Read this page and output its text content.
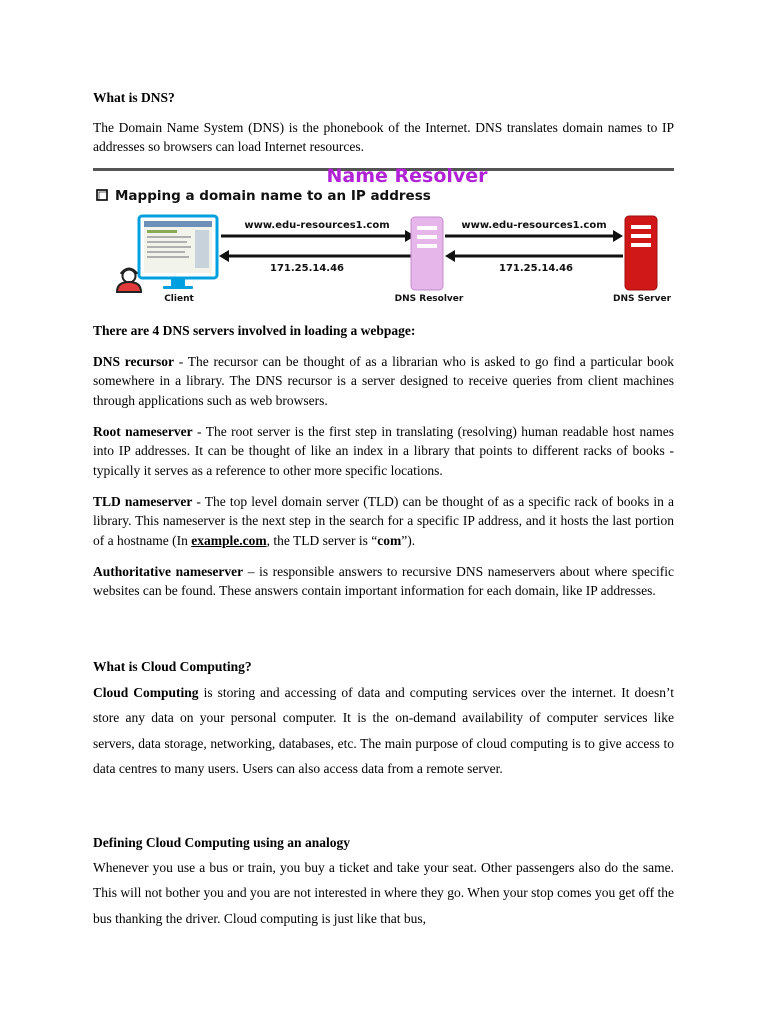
What is DNS?

The Domain Name System (DNS) is the phonebook of the Internet. DNS translates domain names to IP addresses so browsers can load Internet resources.

There are 4 DNS servers involved in loading a webpage:

DNS recursor - The recursor can be thought of as a librarian who is asked to go find a particular book somewhere in a library. The DNS recursor is a server designed to receive queries from client machines through applications such as web browsers.

Root nameserver - The root server is the first step in translating (resolving) human readable host names into IP addresses. It can be thought of like an index in a library that points to different racks of books - typically it serves as a reference to other more specific locations.

TLD nameserver - The top level domain server (TLD) can be thought of as a specific rack of books in a library. This nameserver is the next step in the search for a specific IP address, and it hosts the last portion of a hostname (In example.com, the TLD server is “com”).

Authoritative nameserver – is responsible answers to recursive DNS nameservers about where specific websites can be found. These answers contain important information for each domain, like IP addresses.

What is Cloud Computing?

Cloud Computing is storing and accessing of data and computing services over the internet. It doesn’t store any data on your personal computer. It is the on-demand availability of computer services like servers, data storage, networking, databases, etc. The main purpose of cloud computing is to give access to data centres to many users. Users can also access data from a remote server.

Defining Cloud Computing using an analogy

Whenever you use a bus or train, you buy a ticket and take your seat. Other passengers also do the same. This will not bother you and you are not interested in where they go. When your stop comes you get off the bus thanking the driver. Cloud computing is just like that bus,

Name Resolver
Mapping a domain name to an IP address
Client
www.edu-resources1.com
171.25.14.46
DNS Resolver
www.edu-resources1.com
171.25.14.46
DNS Server
